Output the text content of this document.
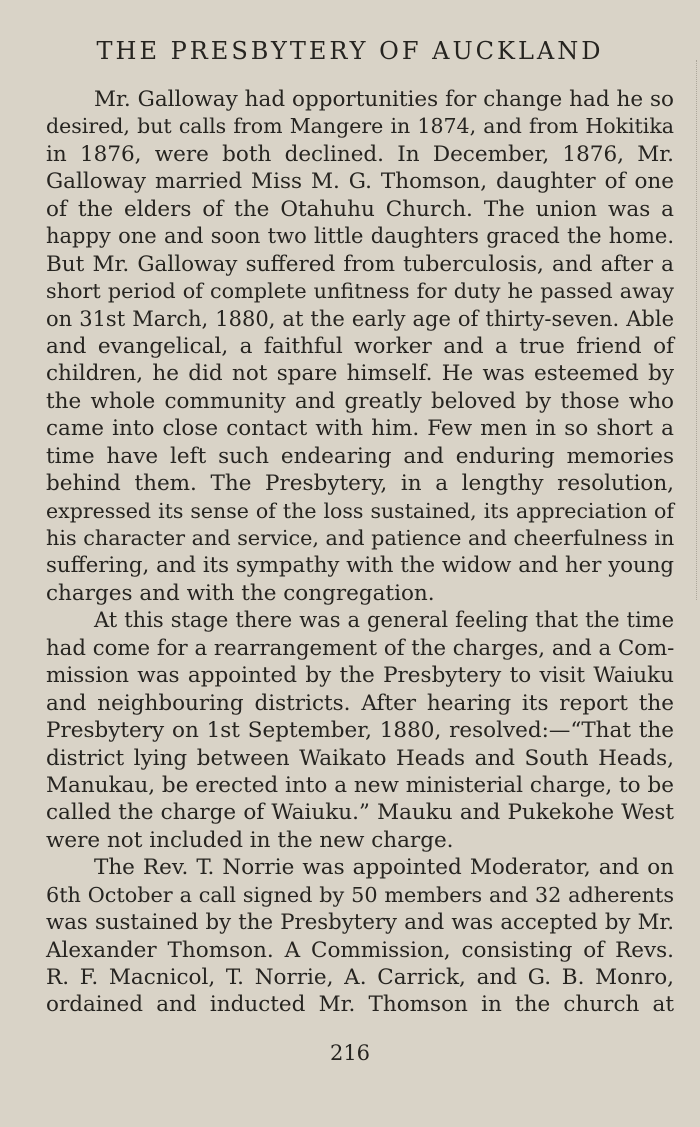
THE PRESBYTERY OF AUCKLAND
Mr. Galloway had opportunities for change had he so
desired, but calls from Mangere in 1874, and from Hokitika
in 1876, were both declined. In December, 1876, Mr.
Galloway married Miss M. G. Thomson, daughter of one
of the elders of the Otahuhu Church. The union was a
happy one and soon two little daughters graced the home.
But Mr. Galloway suffered from tuberculosis, and after a
short period of complete unfitness for duty he passed away
on 31st March, 1880, at the early age of thirty-seven. Able
and evangelical, a faithful worker and a true friend of
children, he did not spare himself. He was esteemed by
the whole community and greatly beloved by those who
came into close contact with him. Few men in so short a
time have left such endearing and enduring memories
behind them. The Presbytery, in a lengthy resolution,
expressed its sense of the loss sustained, its appreciation of
his character and service, and patience and cheerfulness in
suffering, and its sympathy with the widow and her young
charges and with the congregation.
At this stage there was a general feeling that the time
had come for a rearrangement of the charges, and a Com-
mission was appointed by the Presbytery to visit Waiuku
and neighbouring districts. After hearing its report the
Presbytery on 1st September, 1880, resolved:—“That the
district lying between Waikato Heads and South Heads,
Manukau, be erected into a new ministerial charge, to be
called the charge of Waiuku.” Mauku and Pukekohe West
were not included in the new charge.
The Rev. T. Norrie was appointed Moderator, and on
6th October a call signed by 50 members and 32 adherents
was sustained by the Presbytery and was accepted by Mr.
Alexander Thomson. A Commission, consisting of Revs.
R. F. Macnicol, T. Norrie, A. Carrick, and G. B. Monro,
ordained and inducted Mr. Thomson in the church at
216
